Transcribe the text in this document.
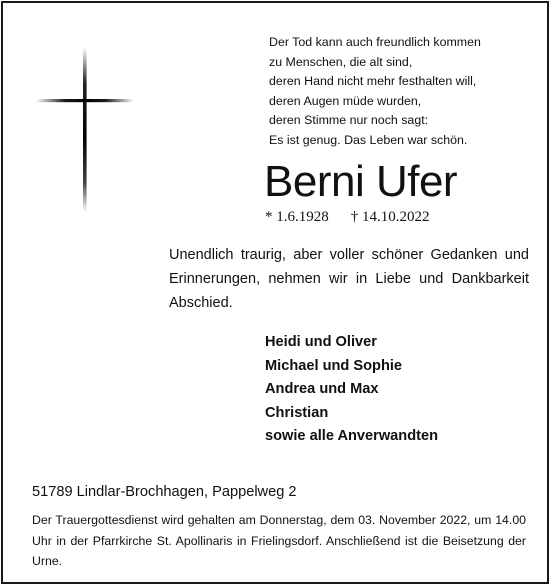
Der Tod kann auch freundlich kommen
zu Menschen, die alt sind,
deren Hand nicht mehr festhalten will,
deren Augen müde wurden,
deren Stimme nur noch sagt:
Es ist genug. Das Leben war schön.
Berni Ufer
* 1.6.1928 † 14.10.2022
Unendlich traurig, aber voller schöner Gedanken und Erinnerungen, nehmen wir in Liebe und Dankbarkeit Abschied.
Heidi und Oliver
Michael und Sophie
Andrea und Max
Christian
sowie alle Anverwandten
51789 Lindlar-Brochhagen, Pappelweg 2
Der Trauergottesdienst wird gehalten am Donnerstag, dem 03. November 2022, um 14.00 Uhr in der Pfarrkirche St. Apollinaris in Frielingsdorf. Anschließend ist die Beisetzung der Urne.
